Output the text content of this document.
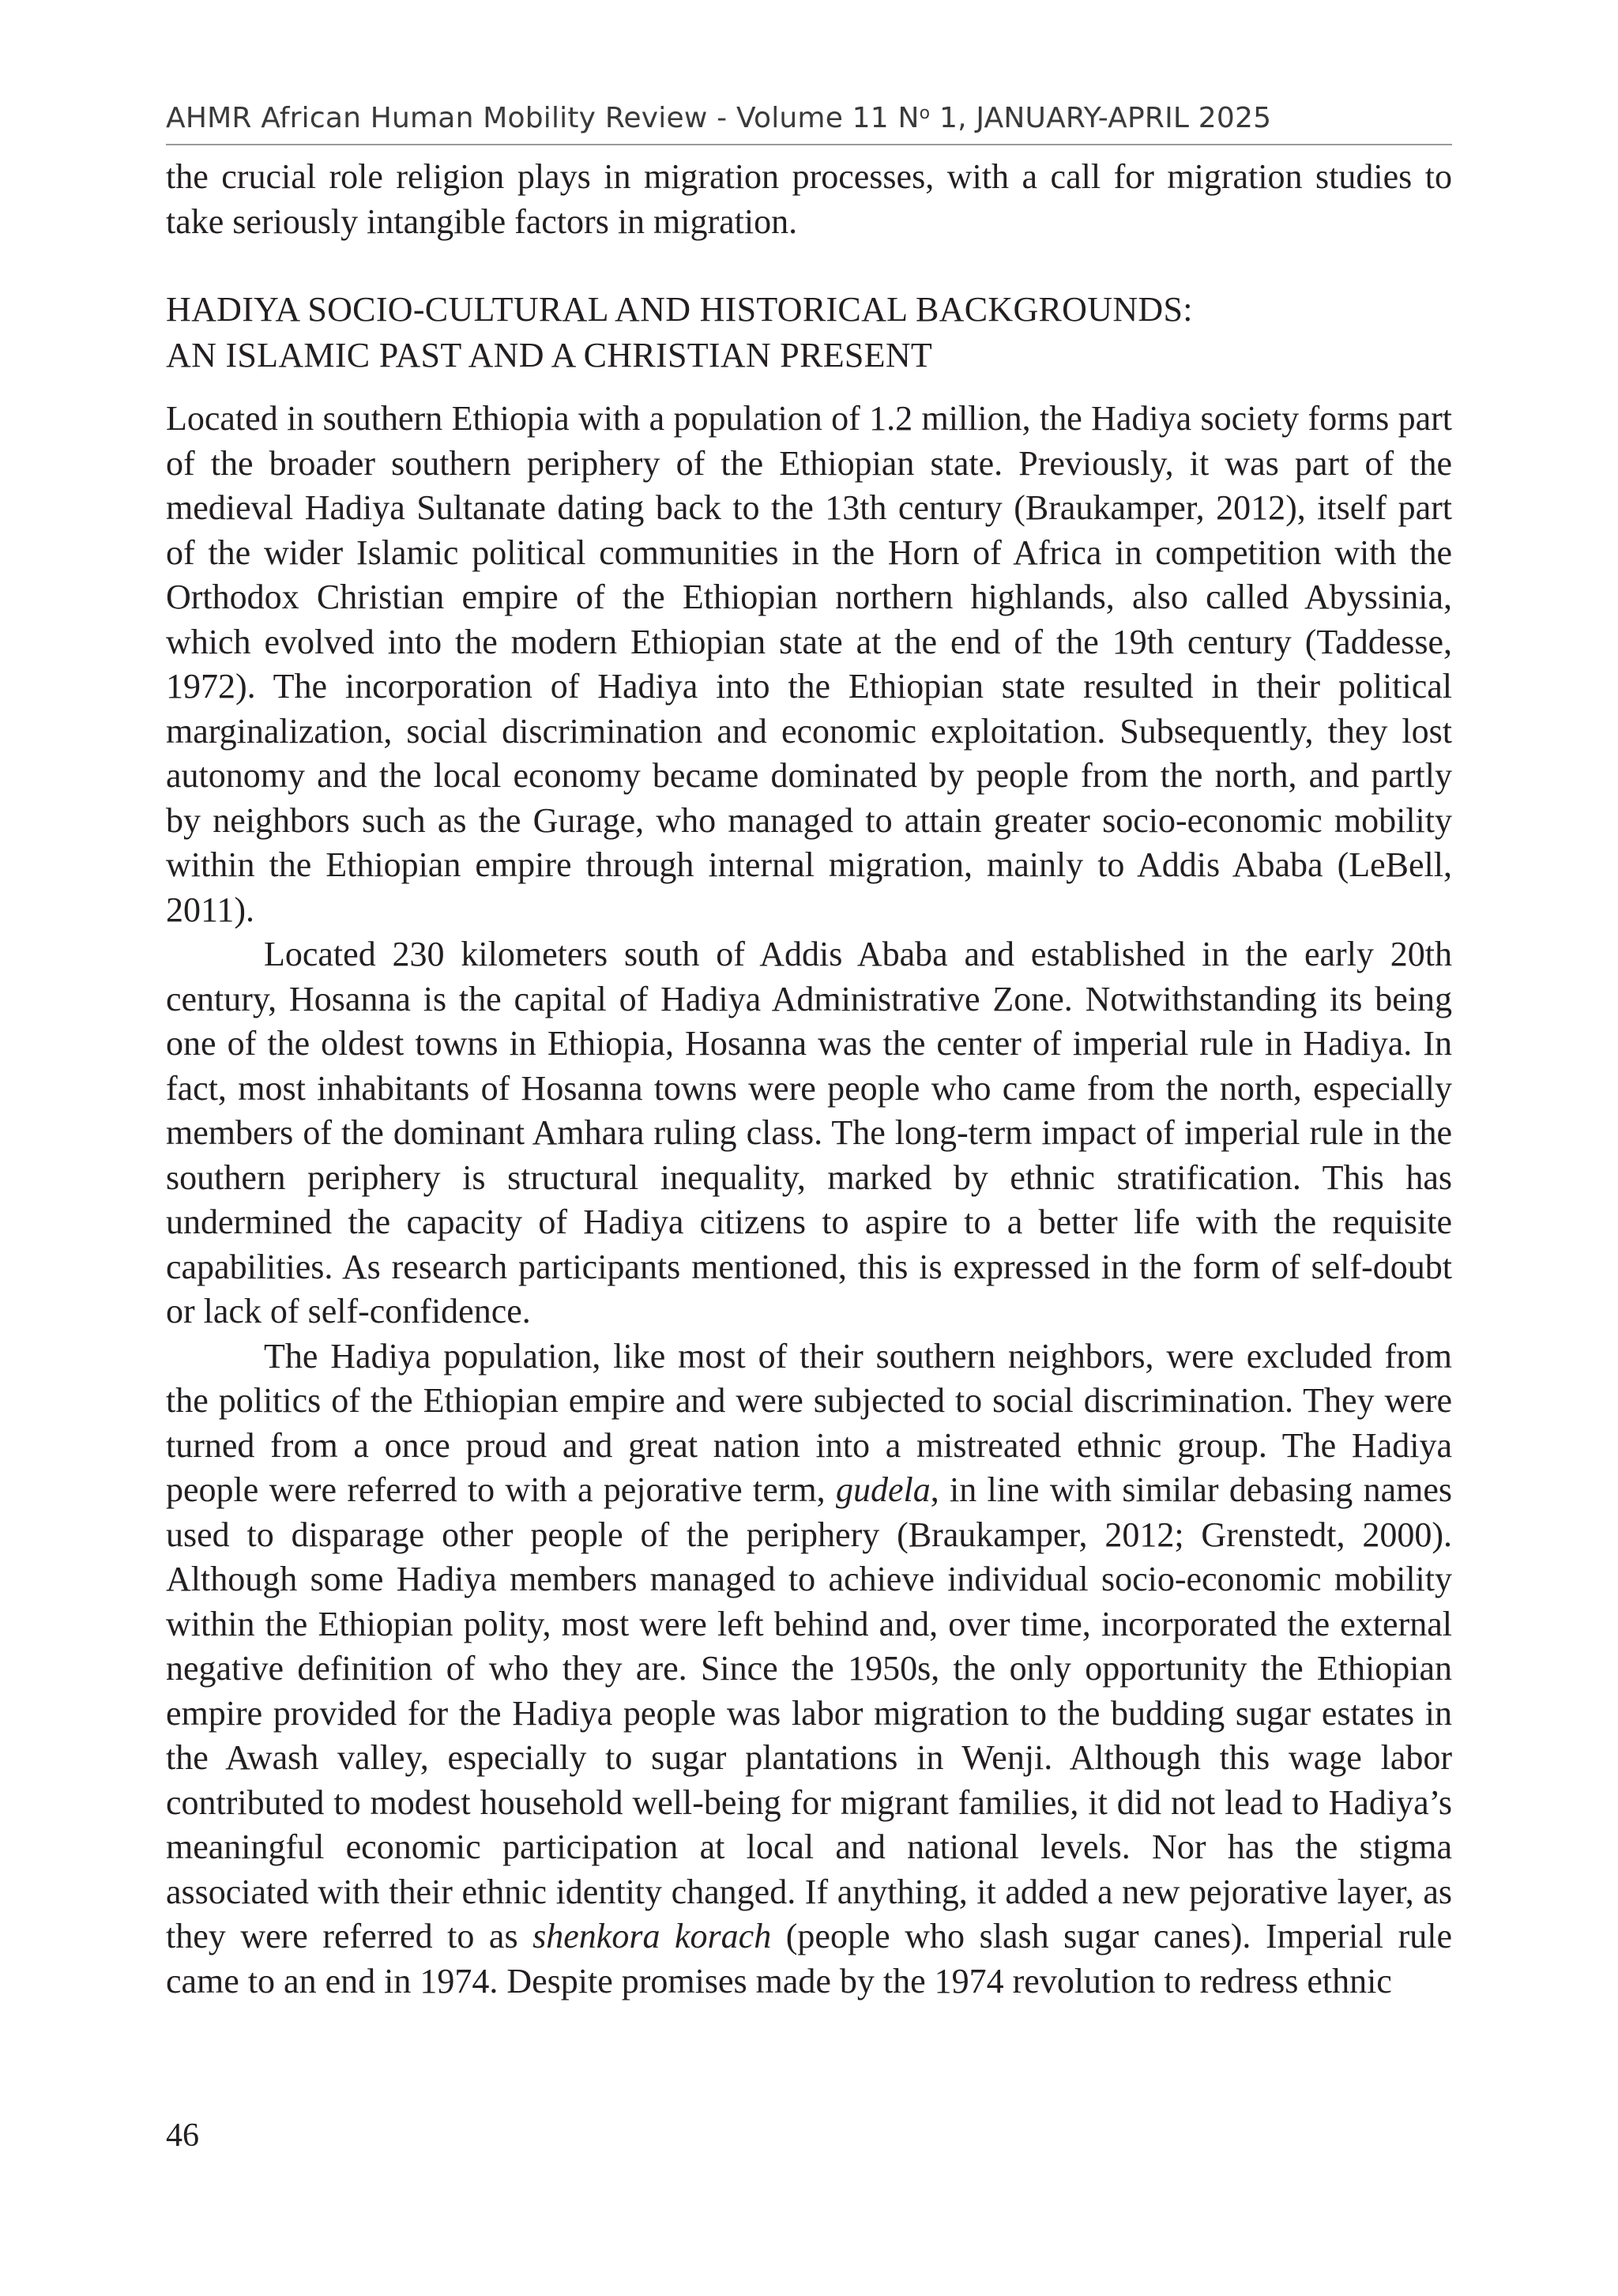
AHMR African Human Mobility Review - Volume 11 $N^o$ 1, JANUARY-APRIL 2025

the crucial role religion plays in migration processes, with a call for migration studies to take seriously intangible factors in migration.

HADIYA SOCIO-CULTURAL AND HISTORICAL BACKGROUNDS:
AN ISLAMIC PAST AND A CHRISTIAN PRESENT

Located in southern Ethiopia with a population of 1.2 million, the Hadiya society forms part of the broader southern periphery of the Ethiopian state. Previously, it was part of the medieval Hadiya Sultanate dating back to the 13th century (Braukamper, 2012), itself part of the wider Islamic political communities in the Horn of Africa in competition with the Orthodox Christian empire of the Ethiopian northern highlands, also called Abyssinia, which evolved into the modern Ethiopian state at the end of the 19th century (Taddesse, 1972). The incorporation of Hadiya into the Ethiopian state resulted in their political marginalization, social discrimination and economic exploitation. Subsequently, they lost autonomy and the local economy became dominated by people from the north, and partly by neighbors such as the Gurage, who managed to attain greater socio-economic mobility within the Ethiopian empire through internal migration, mainly to Addis Ababa (LeBell, 2011).

Located 230 kilometers south of Addis Ababa and established in the early 20th century, Hosanna is the capital of Hadiya Administrative Zone. Notwithstanding its being one of the oldest towns in Ethiopia, Hosanna was the center of imperial rule in Hadiya. In fact, most inhabitants of Hosanna towns were people who came from the north, especially members of the dominant Amhara ruling class. The long-term impact of imperial rule in the southern periphery is structural inequality, marked by ethnic stratification. This has undermined the capacity of Hadiya citizens to aspire to a better life with the requisite capabilities. As research participants mentioned, this is expressed in the form of self-doubt or lack of self-confidence.

The Hadiya population, like most of their southern neighbors, were excluded from the politics of the Ethiopian empire and were subjected to social discrimination. They were turned from a once proud and great nation into a mistreated ethnic group. The Hadiya people were referred to with a pejorative term, gudela, in line with similar debasing names used to disparage other people of the periphery (Braukamper, 2012; Grenstedt, 2000). Although some Hadiya members managed to achieve individual socio-economic mobility within the Ethiopian polity, most were left behind and, over time, incorporated the external negative definition of who they are. Since the 1950s, the only opportunity the Ethiopian empire provided for the Hadiya people was labor migration to the budding sugar estates in the Awash valley, especially to sugar plantations in Wenji. Although this wage labor contributed to modest household well-being for migrant families, it did not lead to Hadiya’s meaningful economic participation at local and national levels. Nor has the stigma associated with their ethnic identity changed. If anything, it added a new pejorative layer, as they were referred to as shenkora korach (people who slash sugar canes). Imperial rule came to an end in 1974. Despite promises made by the 1974 revolution to redress ethnic

46
